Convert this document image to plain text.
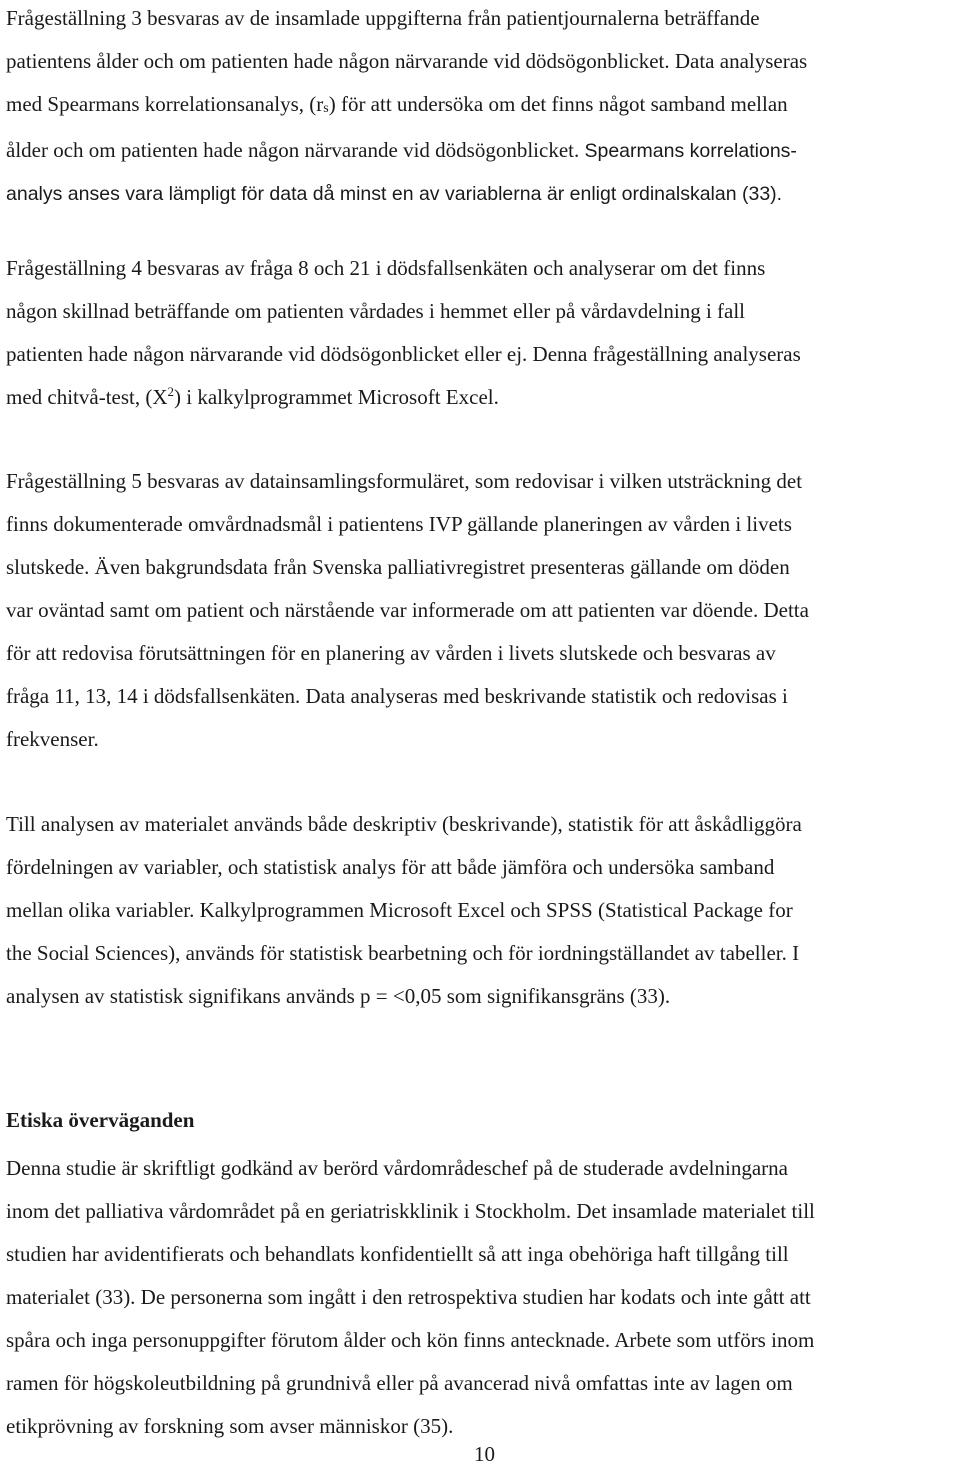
Frågeställning 3 besvaras av de insamlade uppgifterna från patientjournalerna beträffande
patientens ålder och om patienten hade någon närvarande vid dödsögonblicket. Data analyseras
med Spearmans korrelationsanalys, $(r_s)$ för att undersöka om det finns något samband mellan
ålder och om patienten hade någon närvarande vid dödsögonblicket. Spearmans korrelations-
analys anses vara lämpligt för data då minst en av variablerna är enligt ordinalskalan (33).

Frågeställning 4 besvaras av fråga 8 och 21 i dödsfallsenkäten och analyserar om det finns
någon skillnad beträffande om patienten vårdades i hemmet eller på vårdavdelning i fall
patienten hade någon närvarande vid dödsögonblicket eller ej. Denna frågeställning analyseras
med chitvå-test, $(X^2)$ i kalkylprogrammet Microsoft Excel.

Frågeställning 5 besvaras av datainsamlingsformuläret, som redovisar i vilken utsträckning det
finns dokumenterade omvårdnadsmål i patientens IVP gällande planeringen av vården i livets
slutskede. Även bakgrundsdata från Svenska palliativregistret presenteras gällande om döden
var oväntad samt om patient och närstående var informerade om att patienten var döende. Detta
för att redovisa förutsättningen för en planering av vården i livets slutskede och besvaras av
fråga 11, 13, 14 i dödsfallsenkäten. Data analyseras med beskrivande statistik och redovisas i
frekvenser.

Till analysen av materialet används både deskriptiv (beskrivande), statistik för att åskådliggöra
fördelningen av variabler, och statistisk analys för att både jämföra och undersöka samband
mellan olika variabler. Kalkylprogrammen Microsoft Excel och SPSS (Statistical Package for
the Social Sciences), används för statistisk bearbetning och för iordningställandet av tabeller. I
analysen av statistisk signifikans används p = <0,05 som signifikansgräns (33).

Etiska överväganden

Denna studie är skriftligt godkänd av berörd vårdområdeschef på de studerade avdelningarna
inom det palliativa vårdområdet på en geriatriskklinik i Stockholm. Det insamlade materialet till
studien har avidentifierats och behandlats konfidentiellt så att inga obehöriga haft tillgång till
materialet (33). De personerna som ingått i den retrospektiva studien har kodats och inte gått att
spåra och inga personuppgifter förutom ålder och kön finns antecknade. Arbete som utförs inom
ramen för högskoleutbildning på grundnivå eller på avancerad nivå omfattas inte av lagen om
etikprövning av forskning som avser människor (35).

10
